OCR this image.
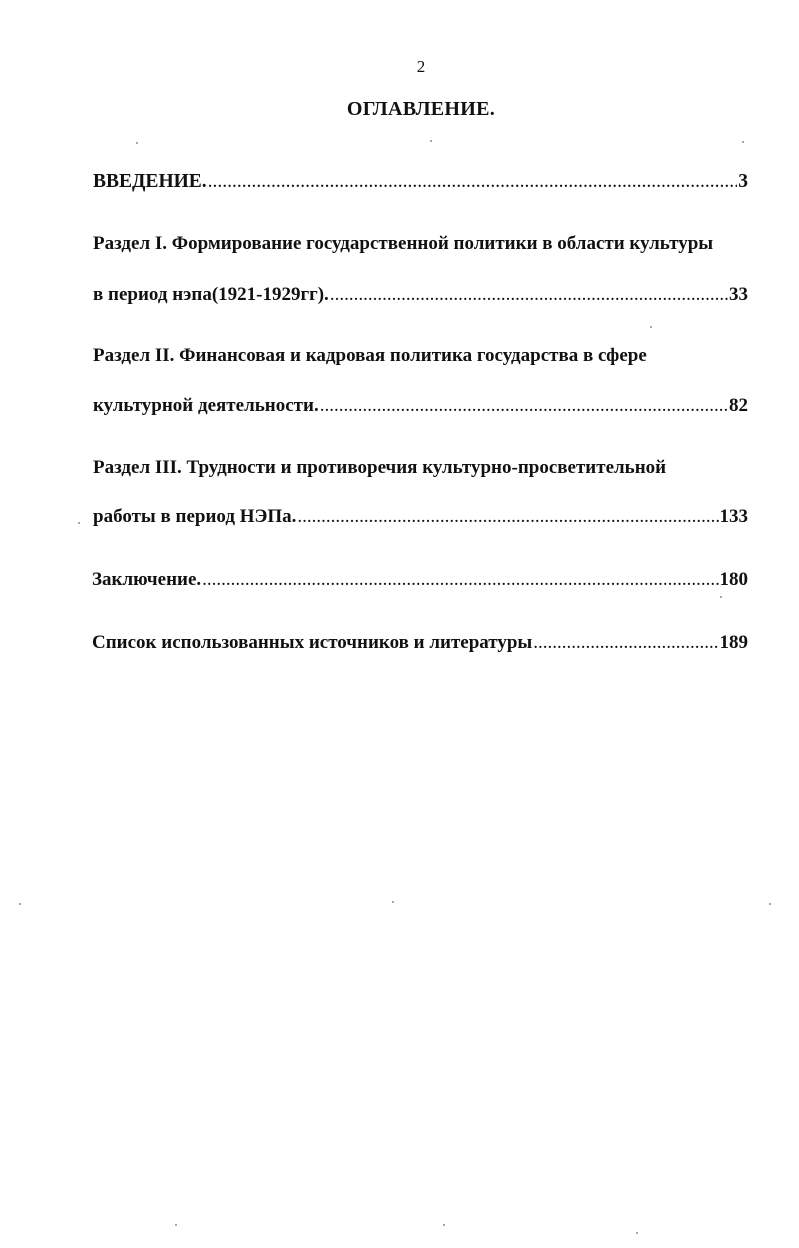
2
ОГЛАВЛЕНИЕ.
ВВЕДЕНИЕ. .....	3
Раздел I. Формирование государственной политики в области культуры
в период нэпа(1921-1929гг). .....	33
Раздел II. Финансовая и кадровая политика государства в сфере
культурной деятельности. .....	82
Раздел III. Трудности и противоречия культурно-просветительной
работы в период НЭПа. .....	133
Заключение. .....	180
Список использованных источников и литературы .....	189
